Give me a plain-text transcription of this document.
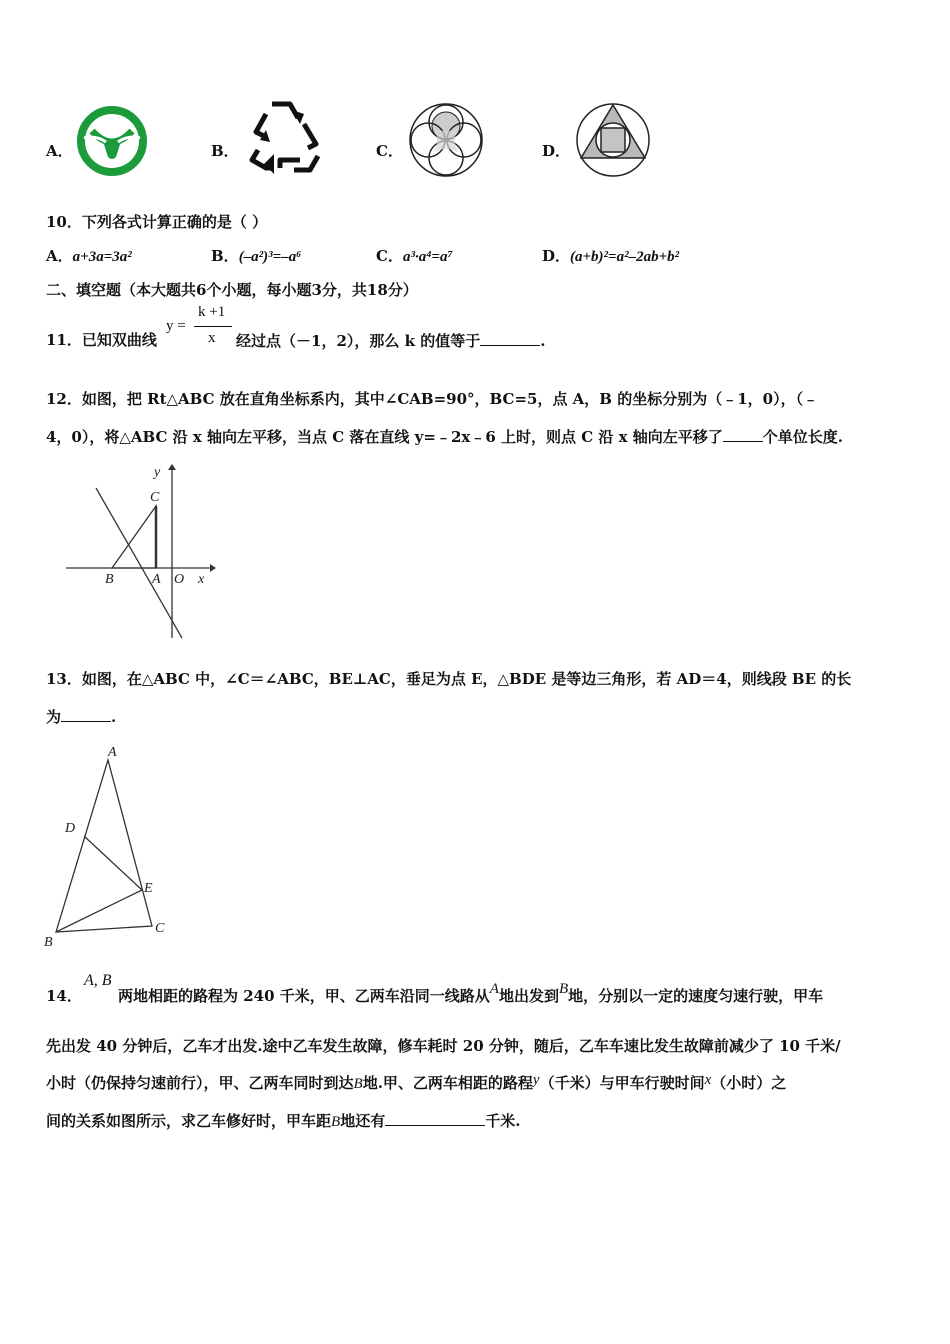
A．	B．	C．	D．
10．下列各式计算正确的是（ ）
A．a+3a=3a²	B．(–a²)³=–a⁶	C．a³·a⁴=a⁷	D．(a+b)²=a²–2ab+b²
二、填空题（本大题共6个小题，每小题3分，共18分）
11．已知双曲线
y =
k +1
x 经过点（－1，2），那么 k 的值等于	.
12．如图，把 Rt△ABC 放在直角坐标系内，其中∠CAB=90°，BC=5，点 A，B 的坐标分别为（﹣1，0），（﹣
4，0），将△ABC 沿 x 轴向左平移，当点 C 落在直线 y=﹣2x﹣6 上时，则点 C 沿 x 轴向左平移了	个单位长度.
y
C
B	A O x
13．如图，在△ABC 中，∠C＝∠ABC，BE⊥AC，垂足为点 E，△BDE 是等边三角形，若 AD＝4，则线段 BE 的长
为	.
A
D
E
B
C
14．
A, B
两地相距的路程为 240 千米，甲、乙两车沿同一线路从A地出发到B地，分别以一定的速度匀速行驶，甲车
先出发 40 分钟后，乙车才出发.途中乙车发生故障，修车耗时 20 分钟，随后，乙车车速比发生故障前减少了 10 千米/
小时（仍保持匀速前行），甲、乙两车同时到达B地.甲、乙两车相距的路程y（千米）与甲车行驶时间x（小时）之
间的关系如图所示，求乙车修好时，甲车距B地还有	千米.
